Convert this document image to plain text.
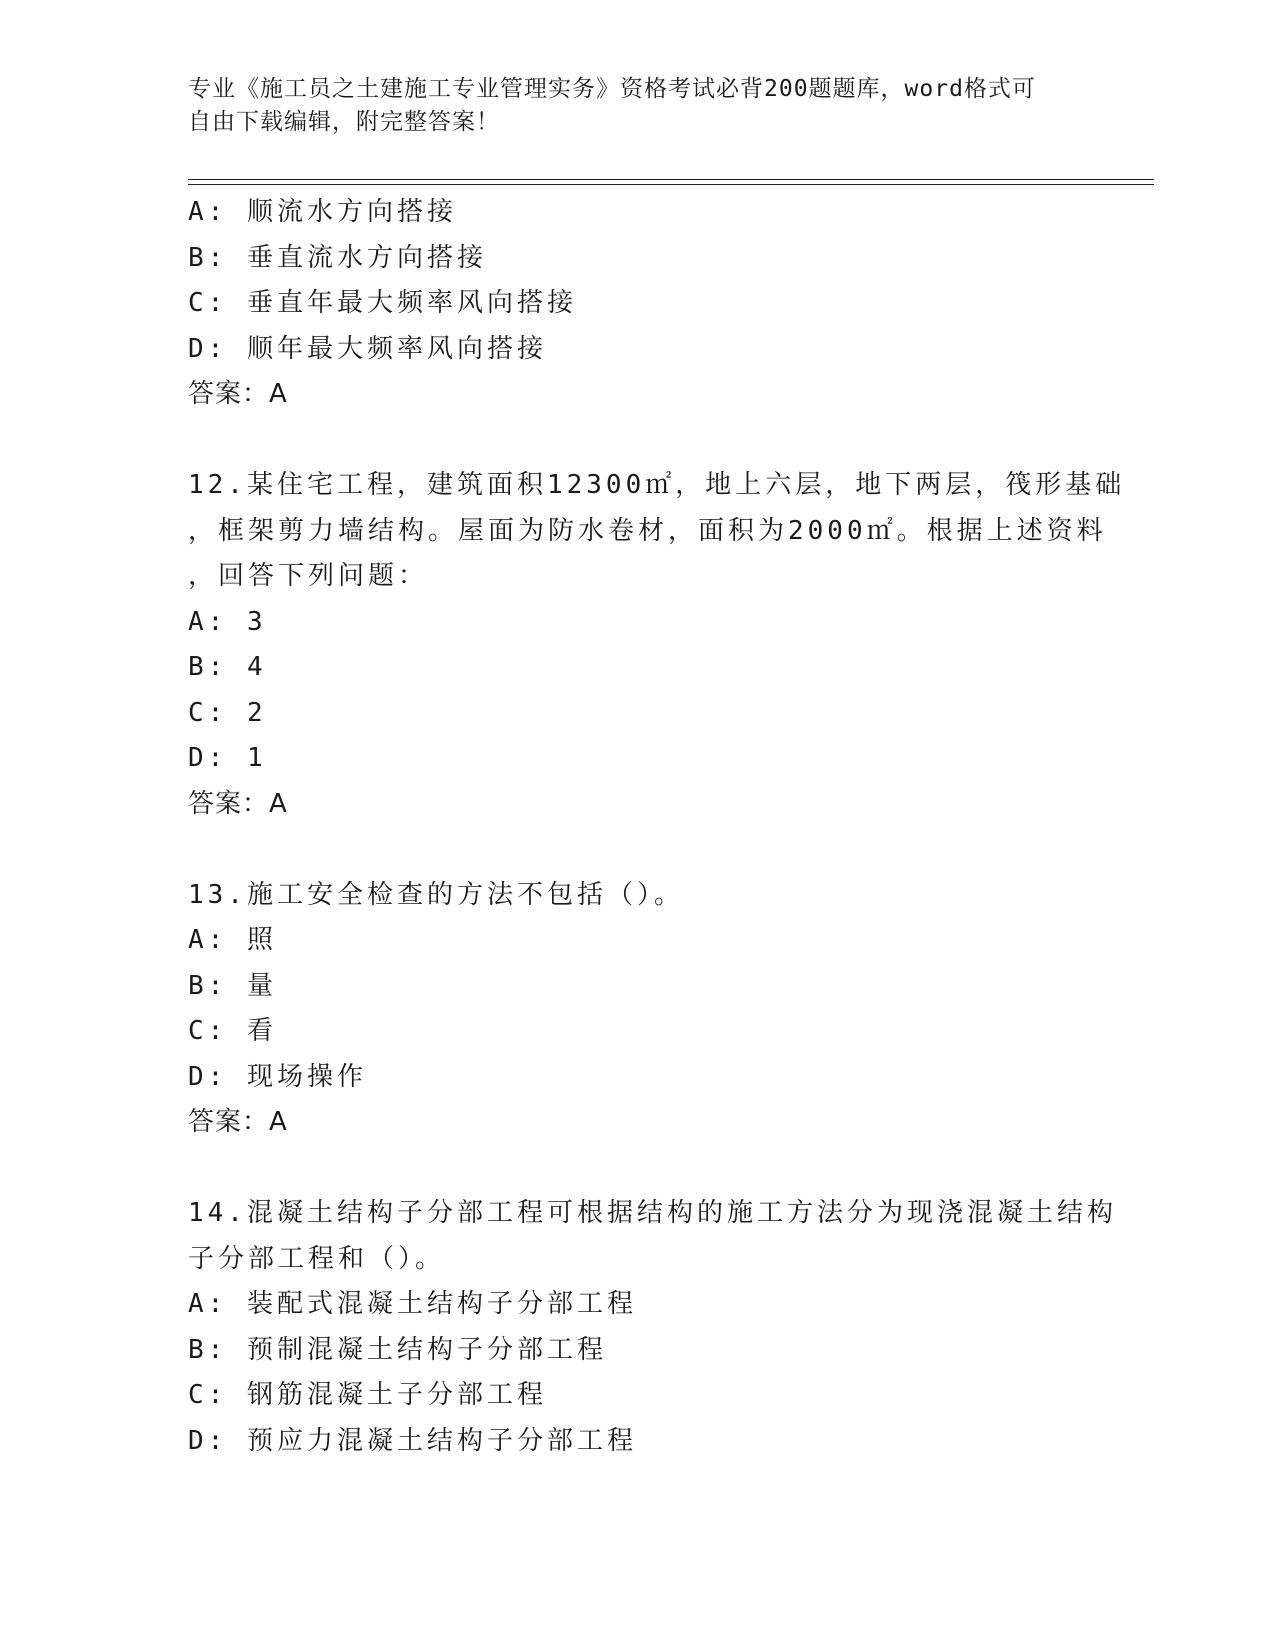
专业《施工员之土建施工专业管理实务》资格考试必背200题题库，word格式可
自由下载编辑，附完整答案！
A: 顺流水方向搭接
B: 垂直流水方向搭接
C: 垂直年最大频率风向搭接
D: 顺年最大频率风向搭接
答案：A
12.某住宅工程，建筑面积12300㎡，地上六层，地下两层，筏形基础
，框架剪力墙结构。屋面为防水卷材，面积为2000㎡。根据上述资料
，回答下列问题：
A: 3
B: 4
C: 2
D: 1
答案：A
13.施工安全检查的方法不包括（）。
A: 照
B: 量
C: 看
D: 现场操作
答案：A
14.混凝土结构子分部工程可根据结构的施工方法分为现浇混凝土结构
子分部工程和（）。
A: 装配式混凝土结构子分部工程
B: 预制混凝土结构子分部工程
C: 钢筋混凝土子分部工程
D: 预应力混凝土结构子分部工程
